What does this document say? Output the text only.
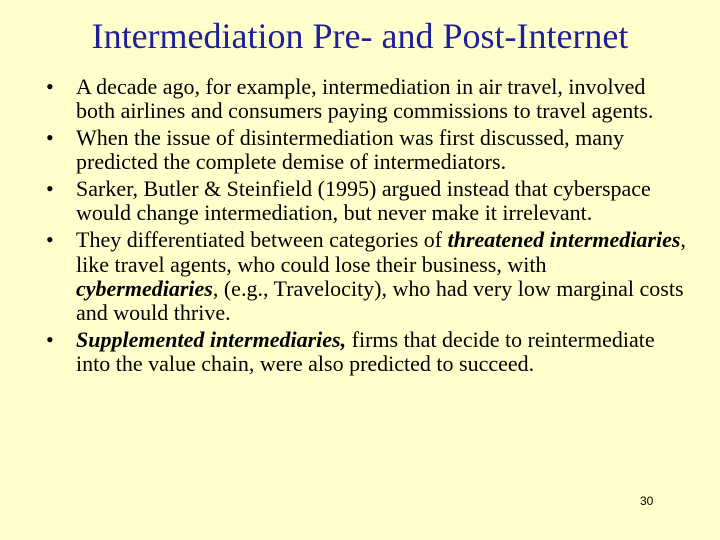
Intermediation Pre- and Post-Internet
•	A decade ago, for example, intermediation in air travel, involved both airlines and consumers paying commissions to travel agents.
•	When the issue of disintermediation was first discussed, many predicted the complete demise of intermediators.
•	Sarker, Butler & Steinfield (1995) argued instead that cyberspace would change intermediation, but never make it irrelevant.
•	They differentiated between categories of threatened intermediaries, like travel agents, who could lose their business, with cybermediaries, (e.g., Travelocity), who had very low marginal costs and would thrive.
•	Supplemented intermediaries, firms that decide to reintermediate into the value chain, were also predicted to succeed.
30
